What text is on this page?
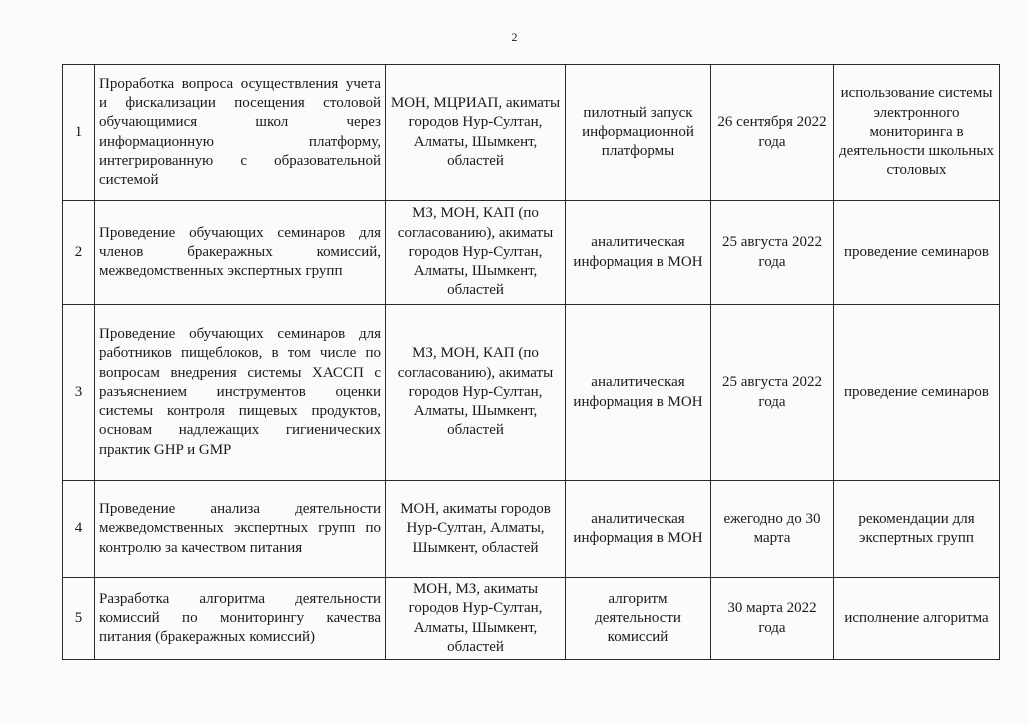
2
1	Проработка вопроса осуществления учета и фискализации посещения столовой обучающимися школ через информационную платформу, интегрированную с образовательной системой	МОН, МЦРИАП, акиматы городов Нур-Султан, Алматы, Шымкент, областей	пилотный запуск информационной платформы	26 сентября 2022 года	использование системы электронного мониторинга в деятельности школьных столовых
2	Проведение обучающих семинаров для членов бракеражных комиссий, межведомственных экспертных групп	МЗ, МОН, КАП (по согласованию), акиматы городов Нур-Султан, Алматы, Шымкент, областей	аналитическая информация в МОН	25 августа 2022 года	проведение семинаров
3	Проведение обучающих семинаров для работников пищеблоков, в том числе по вопросам внедрения системы ХАССП с разъяснением инструментов оценки системы контроля пищевых продуктов, основам надлежащих гигиенических практик GHP и GMP	МЗ, МОН, КАП (по согласованию), акиматы городов Нур-Султан, Алматы, Шымкент, областей	аналитическая информация в МОН	25 августа 2022 года	проведение семинаров
4	Проведение анализа деятельности межведомственных экспертных групп по контролю за качеством питания	МОН, акиматы городов Нур-Султан, Алматы, Шымкент, областей	аналитическая информация в МОН	ежегодно до 30 марта	рекомендации для экспертных групп
5	Разработка алгоритма деятельности комиссий по мониторингу качества питания (бракеражных комиссий)	МОН, МЗ, акиматы городов Нур-Султан, Алматы, Шымкент, областей	алгоритм деятельности комиссий	30 марта 2022 года	исполнение алгоритма
